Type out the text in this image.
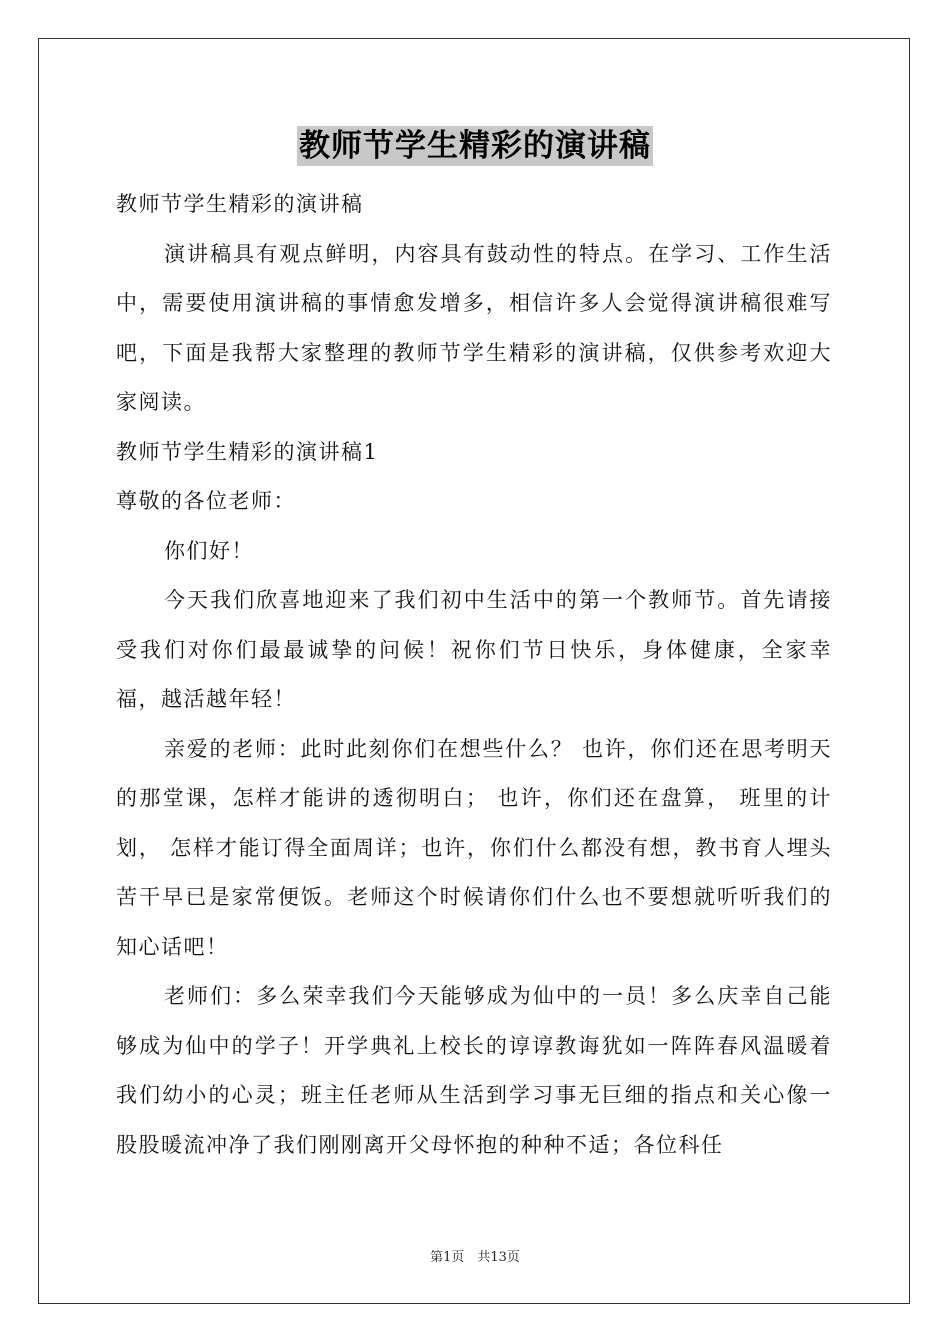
教师节学生精彩的演讲稿

教师节学生精彩的演讲稿

演讲稿具有观点鲜明，内容具有鼓动性的特点。在学习、工作生活中，需要使用演讲稿的事情愈发增多，相信许多人会觉得演讲稿很难写吧，下面是我帮大家整理的教师节学生精彩的演讲稿，仅供参考欢迎大家阅读。

教师节学生精彩的演讲稿1

尊敬的各位老师：

你们好！

今天我们欣喜地迎来了我们初中生活中的第一个教师节。首先请接受我们对你们最最诚挚的问候！祝你们节日快乐，身体健康，全家幸福，越活越年轻！

亲爱的老师：此时此刻你们在想些什么？ 也许，你们还在思考明天的那堂课，怎样才能讲的透彻明白； 也许，你们还在盘算， 班里的计划， 怎样才能订得全面周详；也许，你们什么都没有想，教书育人埋头苦干早已是家常便饭。老师这个时候请你们什么也不要想就听听我们的知心话吧！

老师们：多么荣幸我们今天能够成为仙中的一员！多么庆幸自己能够成为仙中的学子！开学典礼上校长的谆谆教诲犹如一阵阵春风温暖着我们幼小的心灵；班主任老师从生活到学习事无巨细的指点和关心像一股股暖流冲净了我们刚刚离开父母怀抱的种种不适；各位科任

第1页　共13页
